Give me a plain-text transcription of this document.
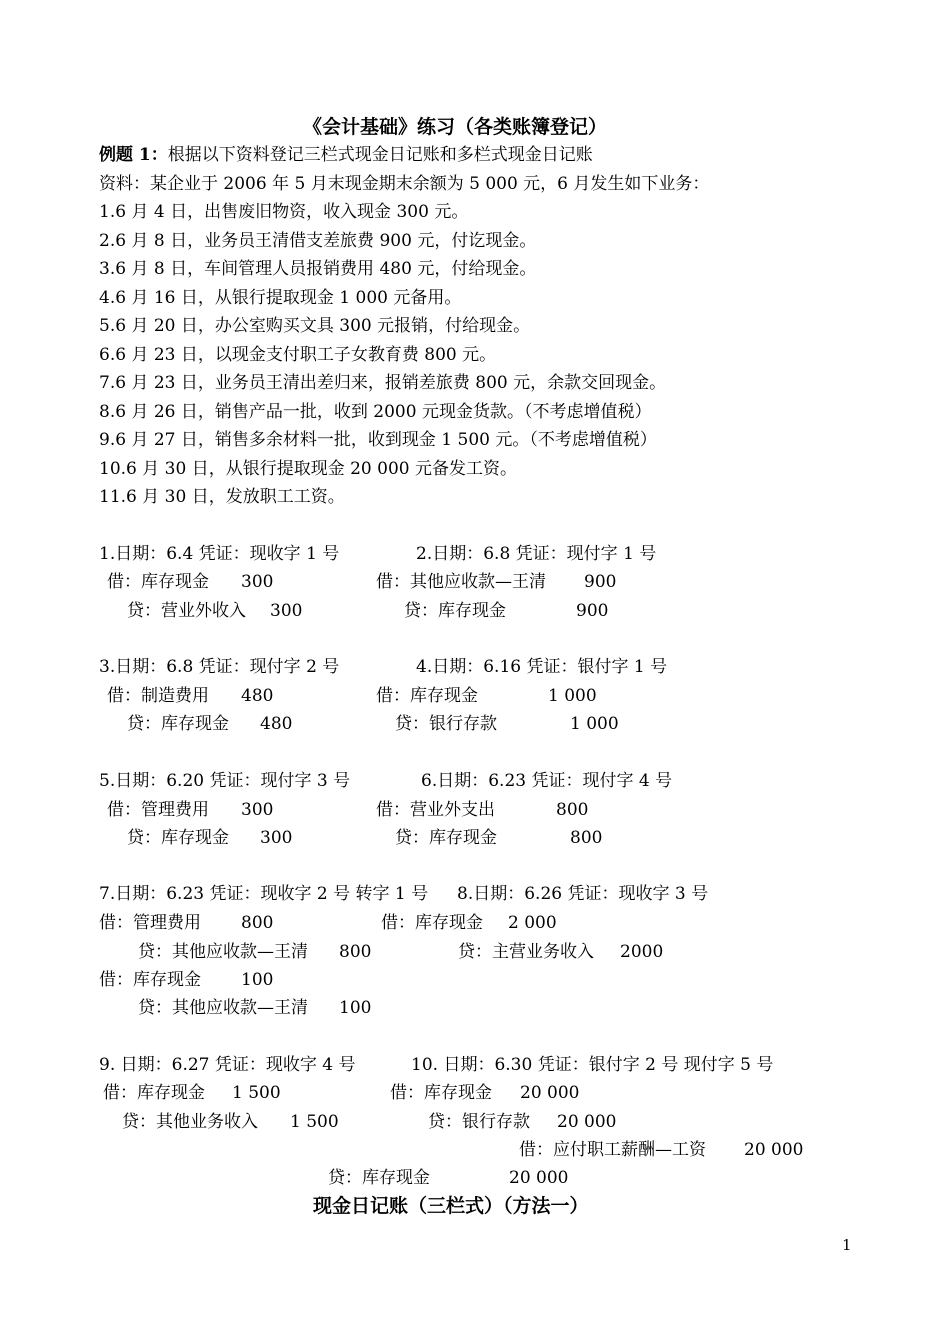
《会计基础》练习（各类账簿登记）
例题 1：根据以下资料登记三栏式现金日记账和多栏式现金日记账
资料：某企业于 2006 年 5 月末现金期末余额为 5 000 元，6 月发生如下业务：
1.6 月 4 日，出售废旧物资，收入现金 300 元。
2.6 月 8 日，业务员王清借支差旅费 900 元，付讫现金。
3.6 月 8 日，车间管理人员报销费用 480 元，付给现金。
4.6 月 16 日，从银行提取现金 1 000 元备用。
5.6 月 20 日，办公室购买文具 300 元报销，付给现金。
6.6 月 23 日，以现金支付职工子女教育费 800 元。
7.6 月 23 日，业务员王清出差归来，报销差旅费 800 元，余款交回现金。
8.6 月 26 日，销售产品一批，收到 2000 元现金货款。（不考虑增值税）
9.6 月 27 日，销售多余材料一批，收到现金 1 500 元。（不考虑增值税）
10.6 月 30 日，从银行提取现金 20 000 元备发工资。
11.6 月 30 日，发放职工工资。
1.日期：6.4 凭证：现收字 1 号	2.日期：6.8 凭证：现付字 1 号
借：库存现金 300	借：其他应收款—王清 900
贷：营业外收入 300	贷：库存现金	900
3.日期：6.8 凭证：现付字 2 号	4.日期：6.16 凭证：银付字 1 号
借：制造费用 480	借：库存现金	1 000
贷：库存现金 480	贷：银行存款	1 000
5.日期：6.20 凭证：现付字 3 号	6.日期：6.23 凭证：现付字 4 号
借：管理费用 300	借：营业外支出	800
贷：库存现金 300	贷：库存现金	800
7.日期：6.23 凭证：现收字 2 号 转字 1 号 8.日期：6.26 凭证：现收字 3 号
借：管理费用 800	借：库存现金 2 000
贷：其他应收款—王清 800	贷：主营业务收入 2000
借：库存现金 100
贷：其他应收款—王清 100
9. 日期：6.27 凭证：现收字 4 号	10. 日期：6.30 凭证：银付字 2 号 现付字 5 号
借：库存现金 1 500	借：库存现金 20 000
贷：其他业务收入 1 500	贷：银行存款 20 000
借：应付职工薪酬—工资 20 000
贷：库存现金	20 000
现金日记账（三栏式）（方法一）
1
